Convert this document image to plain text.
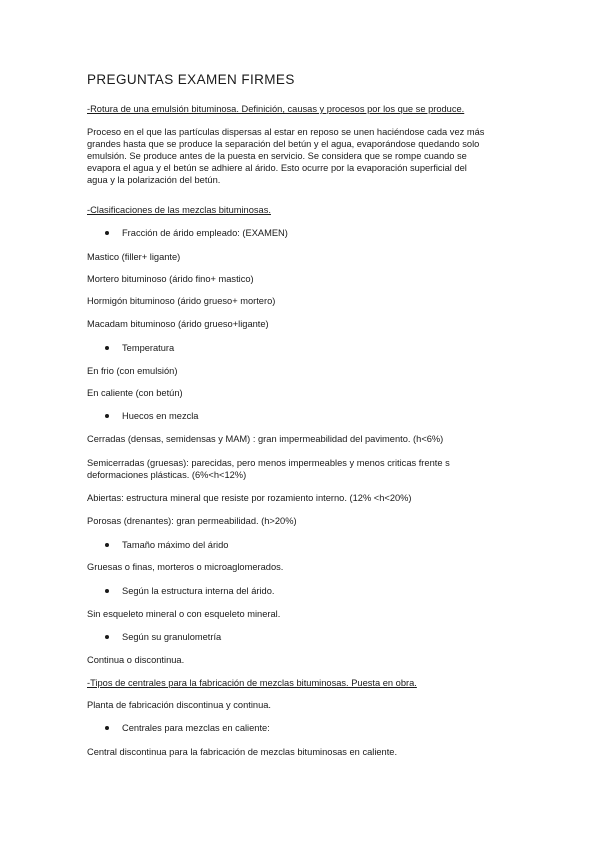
PREGUNTAS EXAMEN FIRMES
-Rotura de una emulsión bituminosa. Definición, causas y procesos por los que se produce.
Proceso en el que las partículas dispersas al estar en reposo se unen haciéndose cada vez más
grandes hasta que se produce la separación del betún y el agua, evaporándose quedando solo
emulsión. Se produce antes de la puesta en servicio. Se considera que se rompe cuando se
evapora el agua y el betún se adhiere al árido. Esto ocurre por la evaporación superficial del
agua y la polarización del betún.
-Clasificaciones de las mezclas bituminosas.
Fracción de árido empleado: (EXAMEN)
Mastico (filler+ ligante)
Mortero bituminoso (árido fino+ mastico)
Hormigón bituminoso (árido grueso+ mortero)
Macadam bituminoso (árido grueso+ligante)
Temperatura
En frio (con emulsión)
En caliente (con betún)
Huecos en mezcla
Cerradas (densas, semidensas y MAM) : gran impermeabilidad del pavimento. (h<6%)
Semicerradas (gruesas): parecidas, pero menos impermeables y menos criticas frente s
deformaciones plásticas. (6%<h<12%)
Abiertas: estructura mineral que resiste por rozamiento interno. (12% <h<20%)
Porosas (drenantes): gran permeabilidad. (h>20%)
Tamaño máximo del árido
Gruesas o finas, morteros o microaglomerados.
Según la estructura interna del árido.
Sin esqueleto mineral o con esqueleto mineral.
Según su granulometría
Continua o discontinua.
-Tipos de centrales para la fabricación de mezclas bituminosas. Puesta en obra.
Planta de fabricación discontinua y continua.
Centrales para mezclas en caliente:
Central discontinua para la fabricación de mezclas bituminosas en caliente.
